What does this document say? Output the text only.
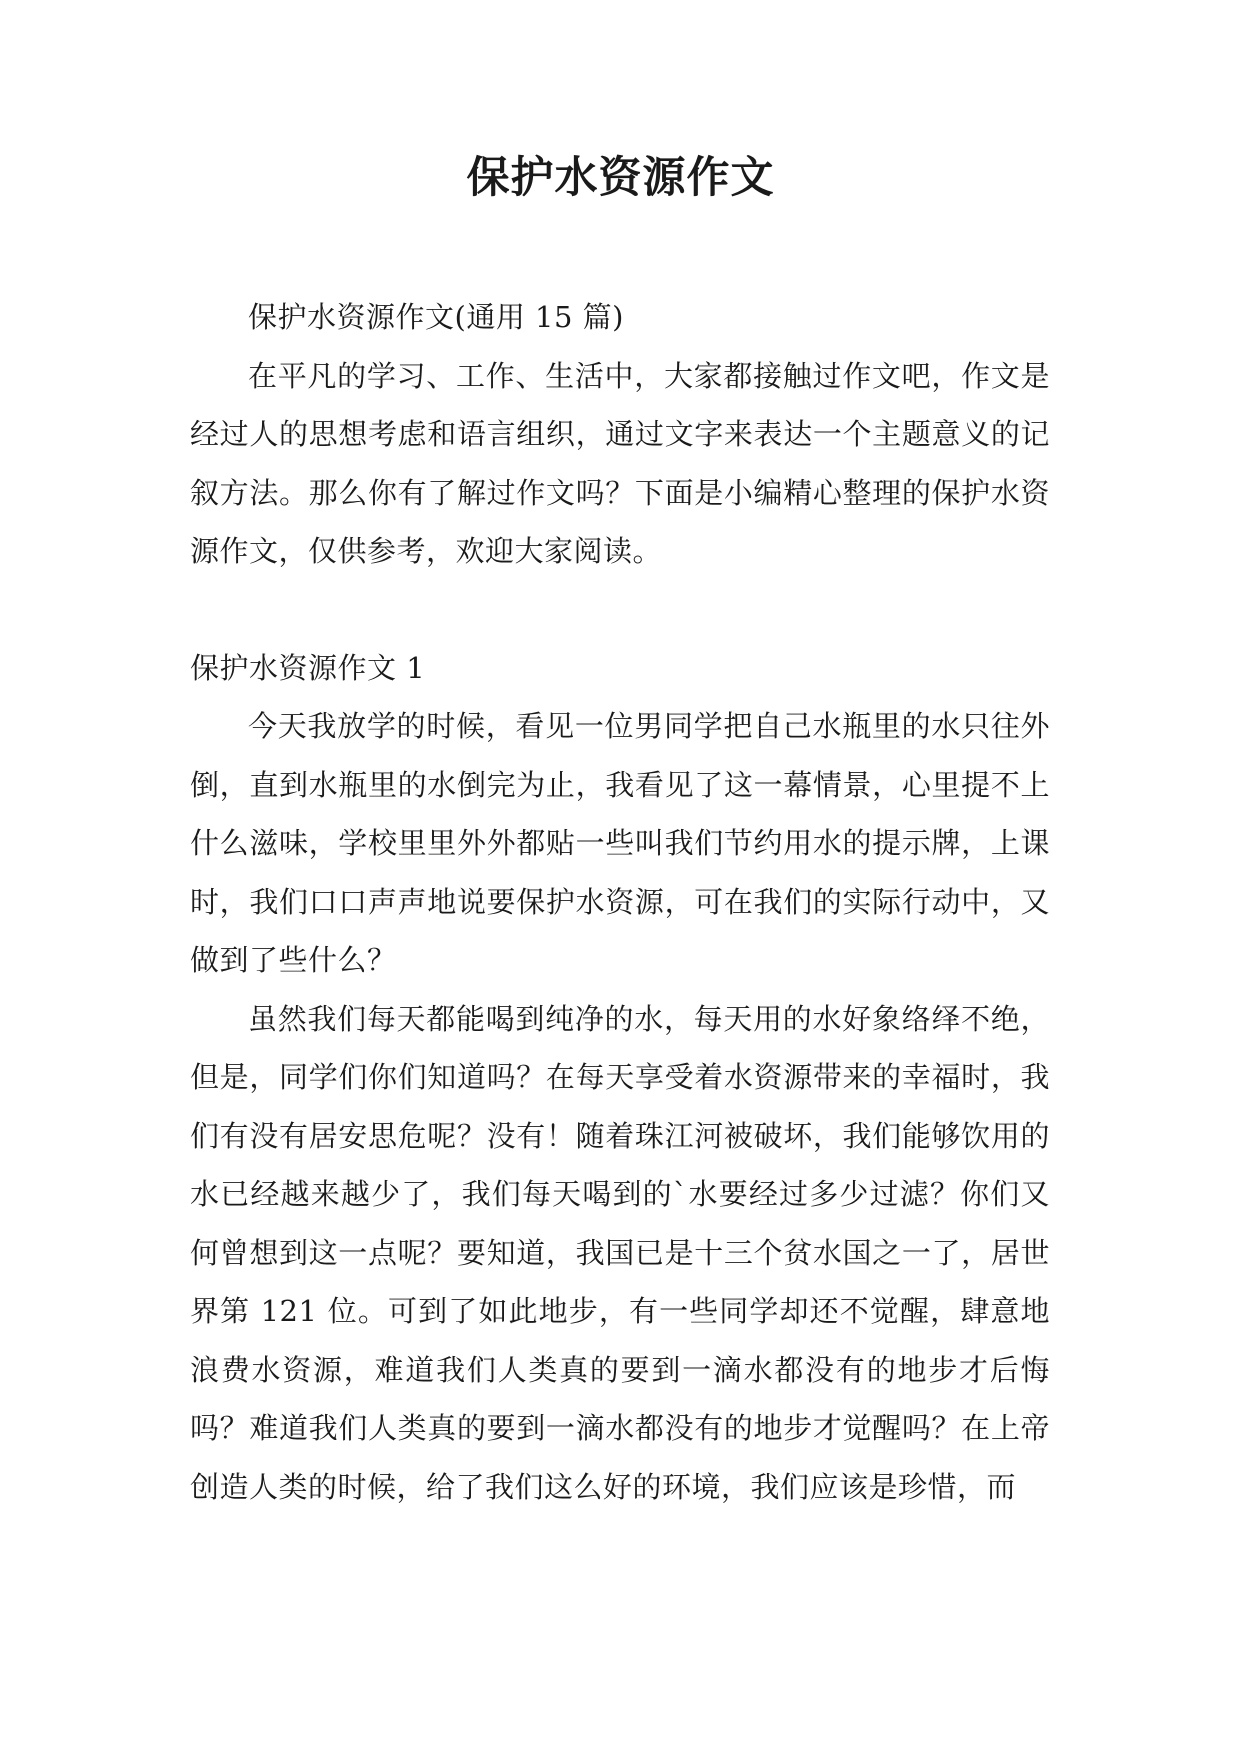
保护水资源作文

保护水资源作文(通用 15 篇)

在平凡的学习、工作、生活中，大家都接触过作文吧，作文是经过人的思想考虑和语言组织，通过文字来表达一个主题意义的记叙方法。那么你有了解过作文吗？下面是小编精心整理的保护水资源作文，仅供参考，欢迎大家阅读。

保护水资源作文 1

今天我放学的时候，看见一位男同学把自己水瓶里的水只往外倒，直到水瓶里的水倒完为止，我看见了这一幕情景，心里提不上什么滋味，学校里里外外都贴一些叫我们节约用水的提示牌，上课时，我们口口声声地说要保护水资源，可在我们的实际行动中，又做到了些什么？

虽然我们每天都能喝到纯净的水，每天用的水好象络绎不绝，但是，同学们你们知道吗？在每天享受着水资源带来的幸福时，我们有没有居安思危呢？没有！随着珠江河被破坏，我们能够饮用的水已经越来越少了，我们每天喝到的`水要经过多少过滤？你们又何曾想到这一点呢？要知道，我国已是十三个贫水国之一了，居世界第 121 位。可到了如此地步，有一些同学却还不觉醒，肆意地浪费水资源，难道我们人类真的要到一滴水都没有的地步才后悔吗？难道我们人类真的要到一滴水都没有的地步才觉醒吗？在上帝创造人类的时候，给了我们这么好的环境，我们应该是珍惜，而
